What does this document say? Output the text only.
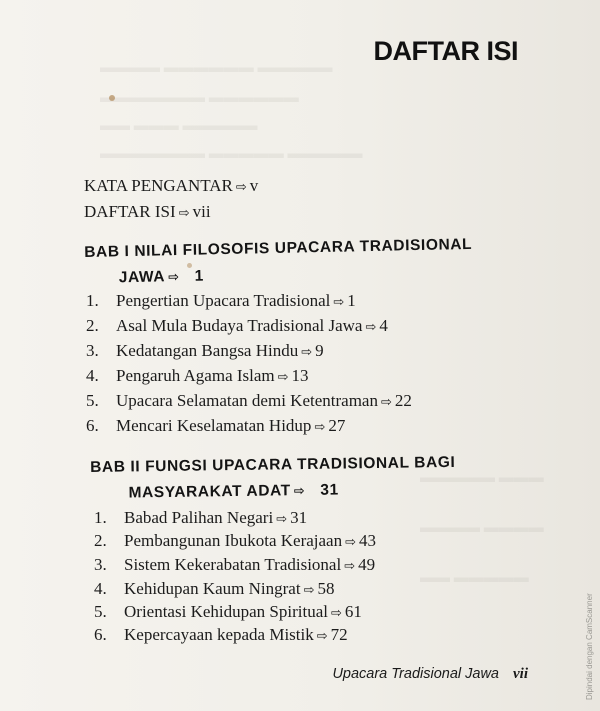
DAFTAR ISI
KATA PENGANTAR ⇨ v
DAFTAR ISI ⇨ vii
BAB I NILAI FILOSOFIS UPACARA TRADISIONAL
JAWA ⇨ 1
1. Pengertian Upacara Tradisional ⇨ 1
2. Asal Mula Budaya Tradisional Jawa ⇨ 4
3. Kedatangan Bangsa Hindu ⇨ 9
4. Pengaruh Agama Islam ⇨ 13
5. Upacara Selamatan demi Ketentraman ⇨ 22
6. Mencari Keselamatan Hidup ⇨ 27
BAB II FUNGSI UPACARA TRADISIONAL BAGI
MASYARAKAT ADAT ⇨ 31
1. Babad Palihan Negari ⇨ 31
2. Pembangunan Ibukota Kerajaan ⇨ 43
3. Sistem Kekerabatan Tradisional ⇨ 49
4. Kehidupan Kaum Ningrat ⇨ 58
5. Orientasi Kehidupan Spiritual ⇨ 61
6. Kepercayaan kepada Mistik ⇨ 72
Upacara Tradisional Jawa vii	Dipindai dengan CamScanner
